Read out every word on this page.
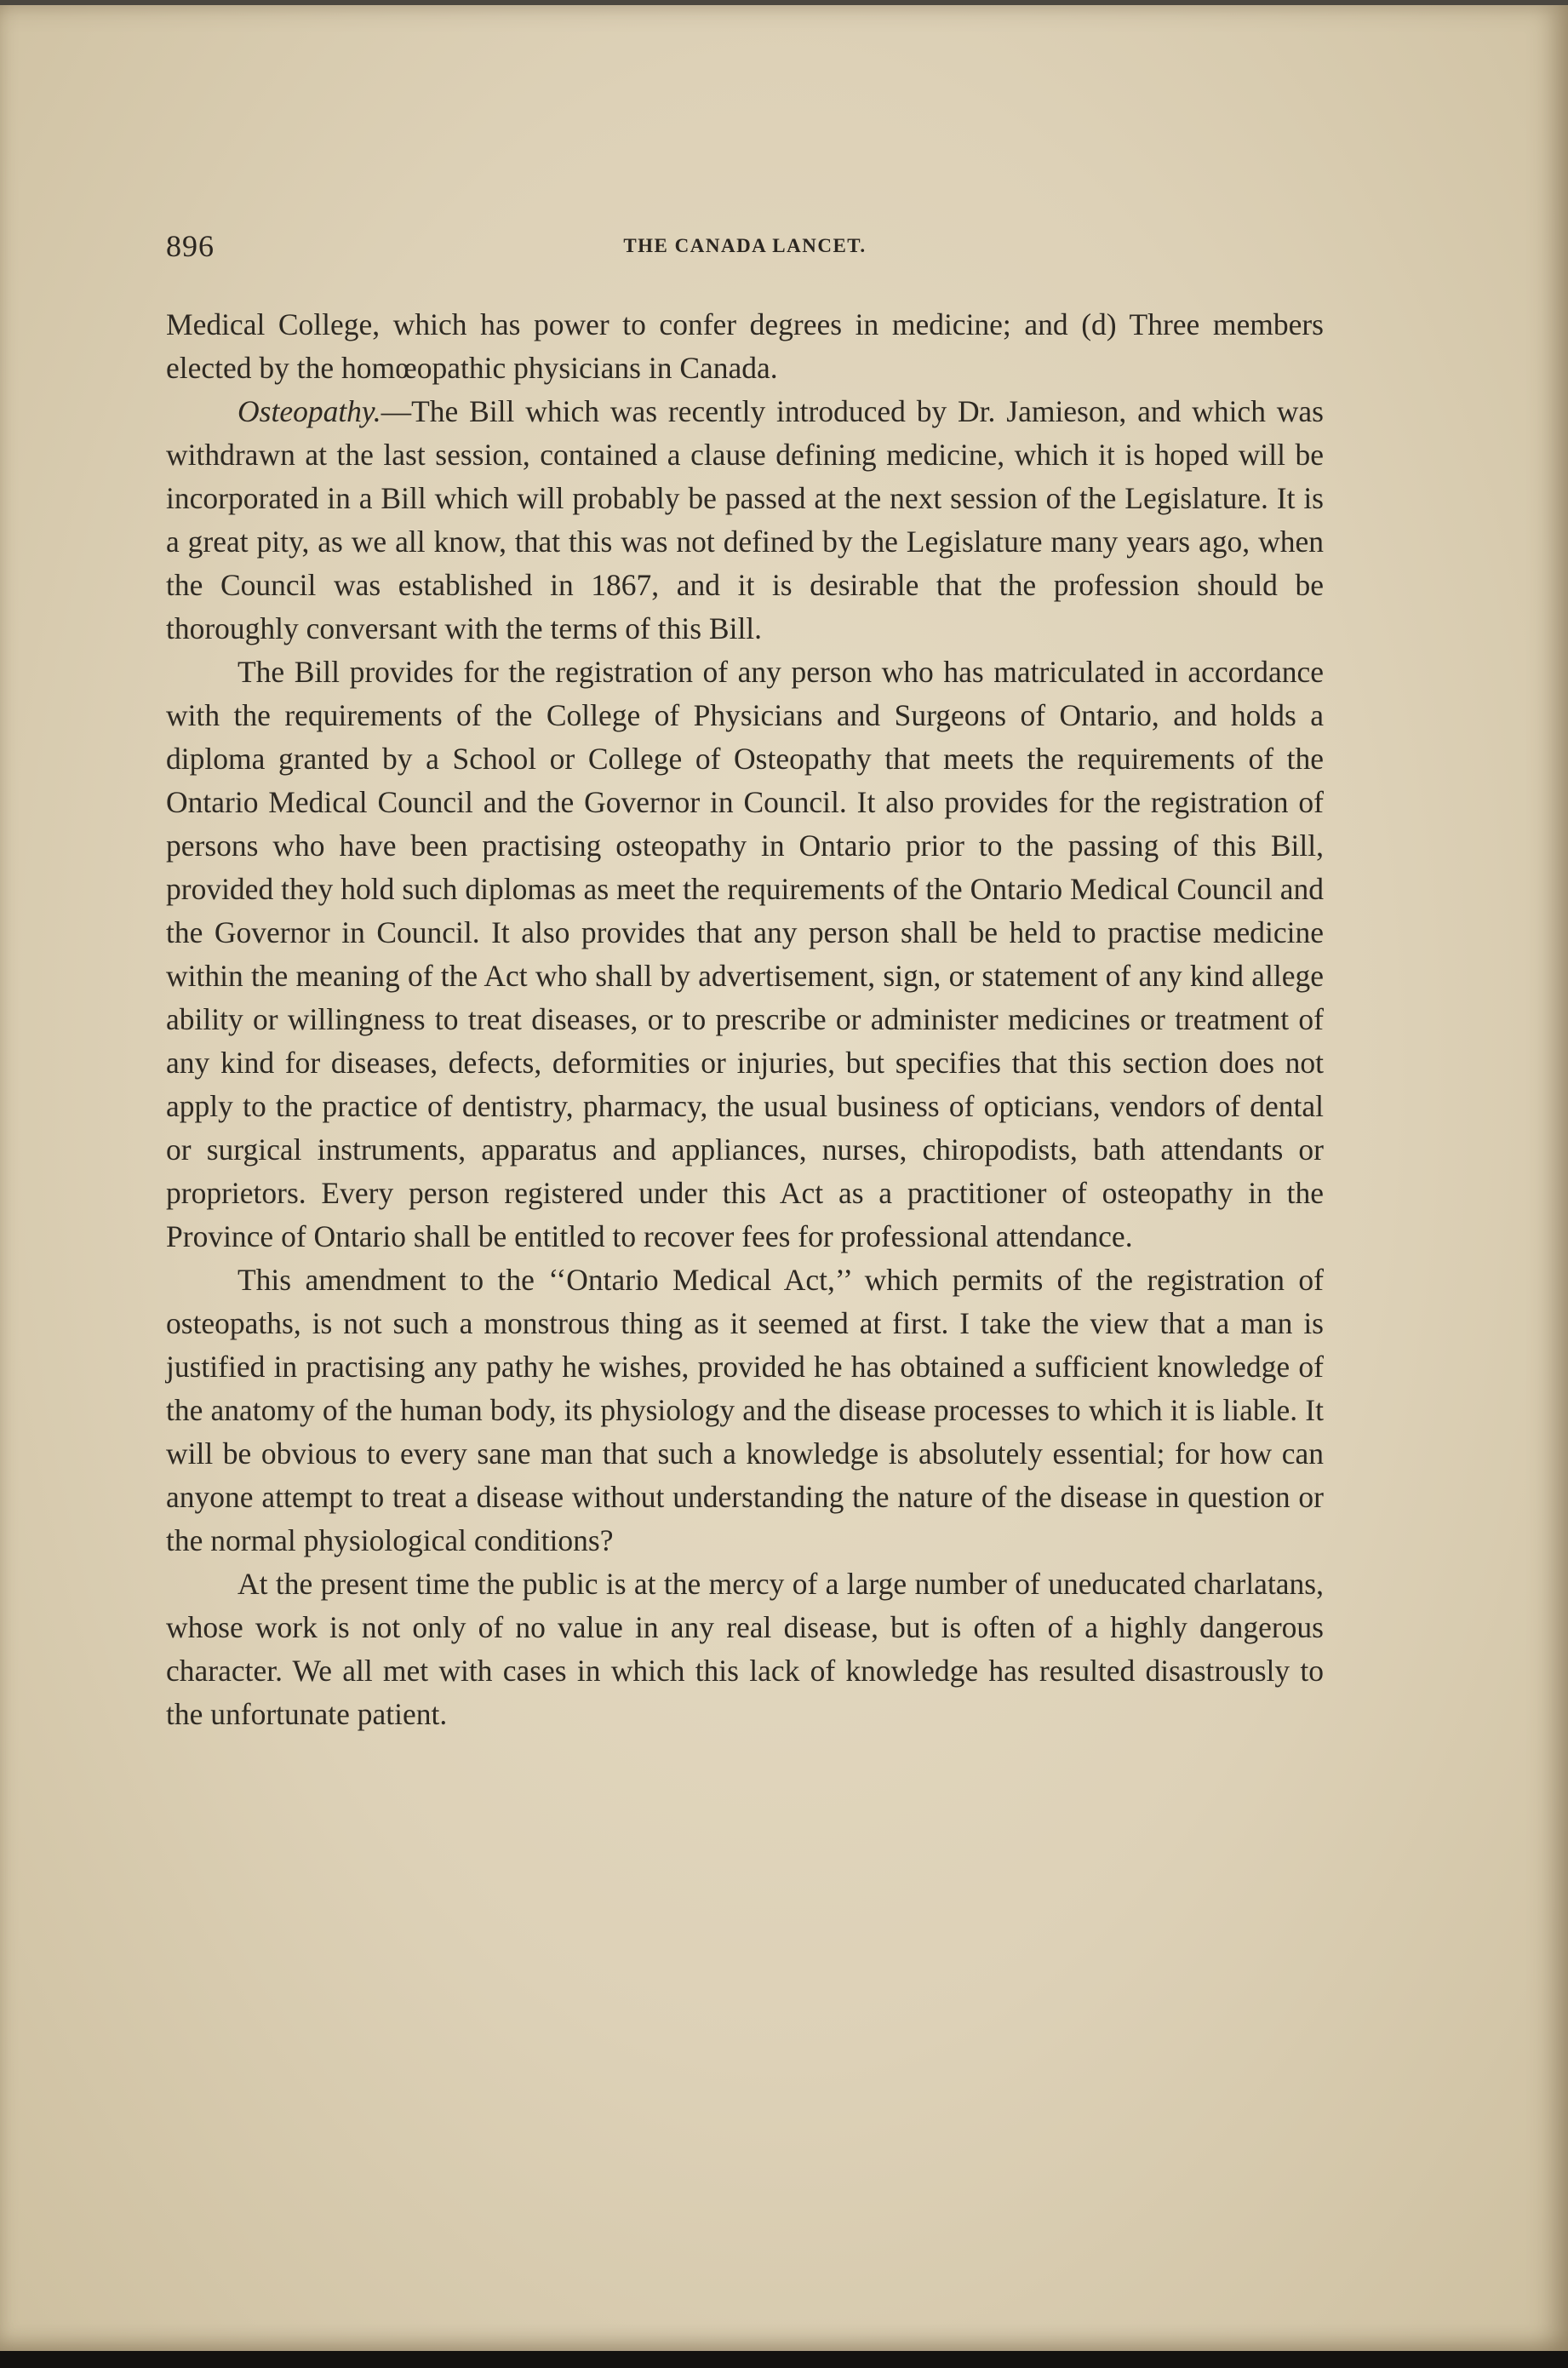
896	THE CANADA LANCET.

Medical College, which has power to confer degrees in medicine; and (d) Three members elected by the homœopathic physicians in Canada.

Osteopathy.—The Bill which was recently introduced by Dr. Jamieson, and which was withdrawn at the last session, contained a clause defining medicine, which it is hoped will be incorporated in a Bill which will probably be passed at the next session of the Legislature. It is a great pity, as we all know, that this was not defined by the Legislature many years ago, when the Council was established in 1867, and it is desirable that the profession should be thoroughly conversant with the terms of this Bill.

The Bill provides for the registration of any person who has matriculated in accordance with the requirements of the College of Physicians and Surgeons of Ontario, and holds a diploma granted by a School or College of Osteopathy that meets the requirements of the Ontario Medical Council and the Governor in Council. It also provides for the registration of persons who have been practising osteopathy in Ontario prior to the passing of this Bill, provided they hold such diplomas as meet the requirements of the Ontario Medical Council and the Governor in Council. It also provides that any person shall be held to practise medicine within the meaning of the Act who shall by advertisement, sign, or statement of any kind allege ability or willingness to treat diseases, or to prescribe or administer medicines or treatment of any kind for diseases, defects, deformities or injuries, but specifies that this section does not apply to the practice of dentistry, pharmacy, the usual business of opticians, vendors of dental or surgical instruments, apparatus and appliances, nurses, chiropodists, bath attendants or proprietors. Every person registered under this Act as a practitioner of osteopathy in the Province of Ontario shall be entitled to recover fees for professional attendance.

This amendment to the ‘‘Ontario Medical Act,’’ which permits of the registration of osteopaths, is not such a monstrous thing as it seemed at first. I take the view that a man is justified in practising any pathy he wishes, provided he has obtained a sufficient knowledge of the anatomy of the human body, its physiology and the disease processes to which it is liable. It will be obvious to every sane man that such a knowledge is absolutely essential; for how can anyone attempt to treat a disease without understanding the nature of the disease in question or the normal physiological conditions?

At the present time the public is at the mercy of a large number of uneducated charlatans, whose work is not only of no value in any real disease, but is often of a highly dangerous character. We all met with cases in which this lack of knowledge has resulted disastrously to the unfortunate patient.
